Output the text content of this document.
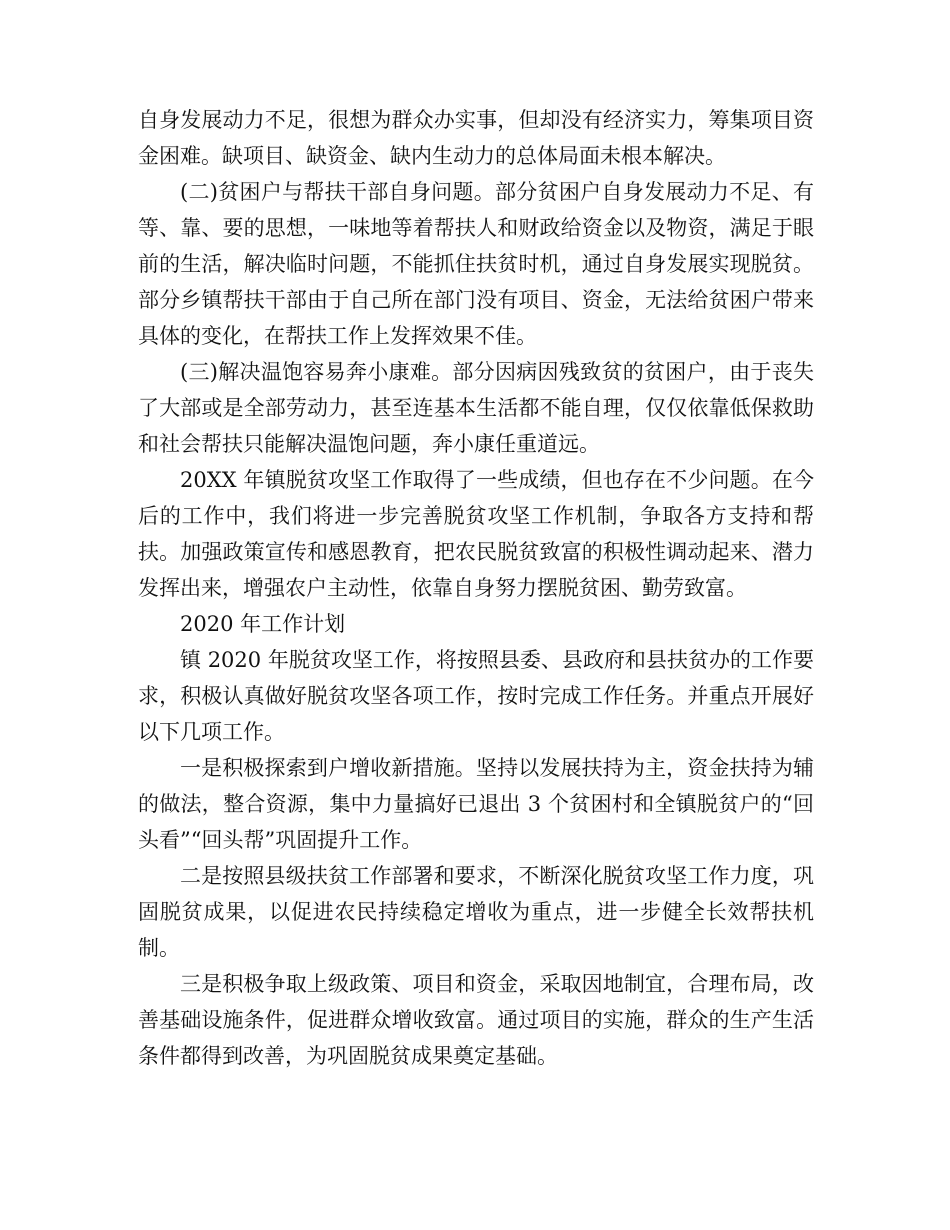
自身发展动力不足，很想为群众办实事，但却没有经济实力，筹集项目资金困难。缺项目、缺资金、缺内生动力的总体局面未根本解决。

(二)贫困户与帮扶干部自身问题。部分贫困户自身发展动力不足、有等、靠、要的思想，一味地等着帮扶人和财政给资金以及物资，满足于眼前的生活，解决临时问题，不能抓住扶贫时机，通过自身发展实现脱贫。部分乡镇帮扶干部由于自己所在部门没有项目、资金，无法给贫困户带来具体的变化，在帮扶工作上发挥效果不佳。

(三)解决温饱容易奔小康难。部分因病因残致贫的贫困户，由于丧失了大部或是全部劳动力，甚至连基本生活都不能自理，仅仅依靠低保救助和社会帮扶只能解决温饱问题，奔小康任重道远。

20XX 年镇脱贫攻坚工作取得了一些成绩，但也存在不少问题。在今后的工作中，我们将进一步完善脱贫攻坚工作机制，争取各方支持和帮扶。加强政策宣传和感恩教育，把农民脱贫致富的积极性调动起来、潜力发挥出来，增强农户主动性，依靠自身努力摆脱贫困、勤劳致富。

2020 年工作计划

镇 2020 年脱贫攻坚工作，将按照县委、县政府和县扶贫办的工作要求，积极认真做好脱贫攻坚各项工作，按时完成工作任务。并重点开展好以下几项工作。

一是积极探索到户增收新措施。坚持以发展扶持为主，资金扶持为辅的做法，整合资源，集中力量搞好已退出 3 个贫困村和全镇脱贫户的“回头看”“回头帮”巩固提升工作。

二是按照县级扶贫工作部署和要求，不断深化脱贫攻坚工作力度，巩固脱贫成果，以促进农民持续稳定增收为重点，进一步健全长效帮扶机制。

三是积极争取上级政策、项目和资金，采取因地制宜，合理布局，改善基础设施条件，促进群众增收致富。通过项目的实施，群众的生产生活条件都得到改善，为巩固脱贫成果奠定基础。
